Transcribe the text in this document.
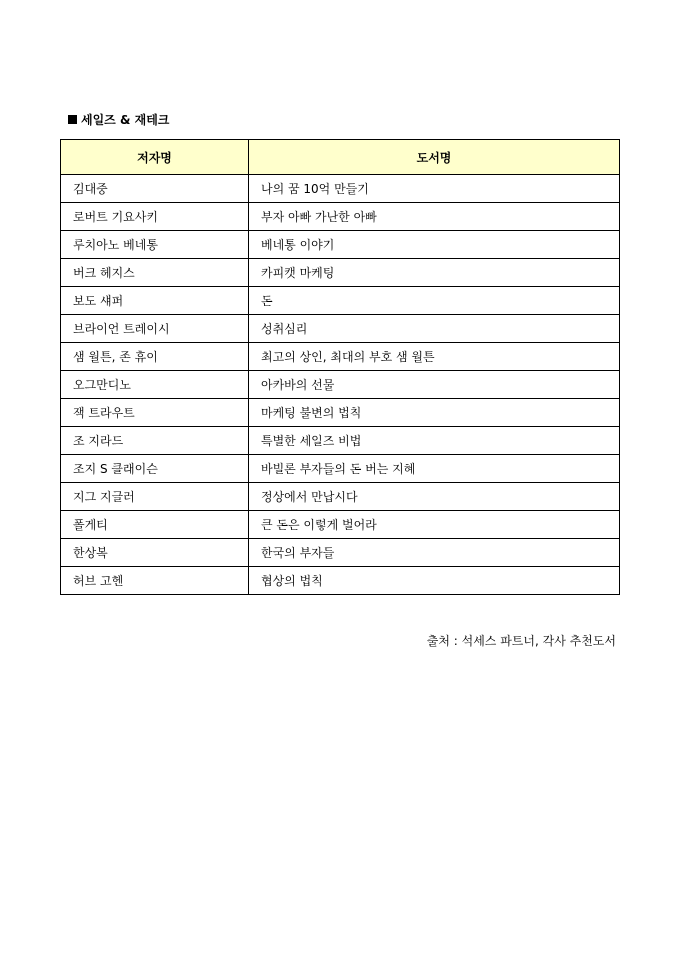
세일즈 & 재테크
저자명	도서명
김대중	나의 꿈 10억 만들기
로버트 기요사키	부자 아빠 가난한 아빠
루치아노 베네통	베네통 이야기
버크 헤지스	카피캣 마케팅
보도 섀퍼	돈
브라이언 트레이시	성취심리
샘 월튼, 존 휴이	최고의 상인, 최대의 부호 샘 월튼
오그만디노	아카바의 선물
잭 트라우트	마케팅 불변의 법칙
조 지라드	특별한 세일즈 비법
조지 S 클래이슨	바빌론 부자들의 돈 버는 지혜
지그 지글러	정상에서 만납시다
폴게티	큰 돈은 이렇게 벌어라
한상복	한국의 부자들
허브 고헨	협상의 법칙
출처 : 석세스 파트너, 각사 추천도서
